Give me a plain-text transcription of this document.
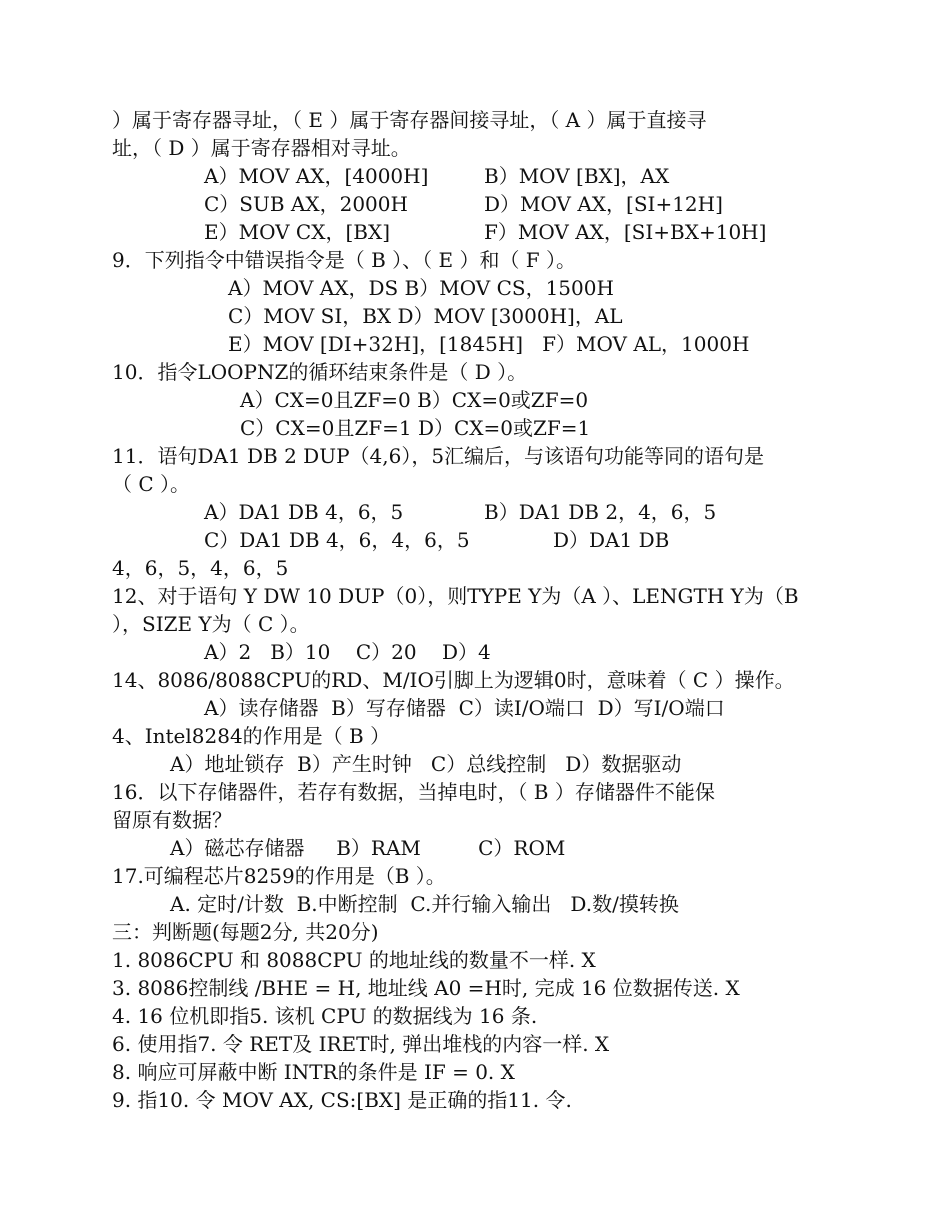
）属于寄存器寻址，（ E ）属于寄存器间接寻址，（ A ）属于直接寻
址，（ D ）属于寄存器相对寻址。
A）MOV AX，[4000H]	B）MOV [BX]，AX
C）SUB AX，2000H	D）MOV AX，[SI+12H]
E）MOV CX，[BX]	F）MOV AX，[SI+BX+10H]
9．下列指令中错误指令是（ B ）、（ E ）和（ F ）。
A）MOV AX，DS B）MOV CS，1500H
C）MOV SI，BX D）MOV [3000H]，AL
E）MOV [DI+32H]，[1845H]   F）MOV AL，1000H
10．指令LOOPNZ的循环结束条件是（ D ）。
A）CX=0且ZF=0 B）CX=0或ZF=0
C）CX=0且ZF=1 D）CX=0或ZF=1
11．语句DA1 DB 2 DUP（4,6），5汇编后，与该语句功能等同的语句是
（ C ）。
A）DA1 DB 4，6，5	B）DA1 DB 2，4，6，5
C）DA1 DB 4，6，4，6，5	D）DA1 DB
4，6，5，4，6，5
12、对于语句 Y DW 10 DUP（0），则TYPE Y为（A ）、LENGTH Y为（B
），SIZE Y为（ C ）。
A）2   B）10    C）20    D）4
14、8086/8088CPU的RD、M/IO引脚上为逻辑0时，意味着（ C ）操作。
A）读存储器  B）写存储器  C）读I/O端口  D）写I/O端口
4、Intel8284的作用是（ B ）
A）地址锁存  B）产生时钟   C）总线控制   D）数据驱动
16．以下存储器件，若存有数据，当掉电时，（ B ）存储器件不能保
留原有数据？
A）磁芯存储器     B）RAM         C）ROM
17.可编程芯片8259的作用是（B ）。
A. 定时/计数  B.中断控制  C.并行输入输出   D.数/摸转换
三：判断题(每题2分, 共20分)
1. 8086CPU 和 8088CPU 的地址线的数量不一样. X
3. 8086控制线 /BHE = H, 地址线 A0 =H时, 完成 16 位数据传送. X
4. 16 位机即指5. 该机 CPU 的数据线为 16 条.
6. 使用指7. 令 RET及 IRET时, 弹出堆栈的内容一样. X
8. 响应可屏蔽中断 INTR的条件是 IF = 0. X
9. 指10. 令 MOV AX, CS:[BX] 是正确的指11. 令.
